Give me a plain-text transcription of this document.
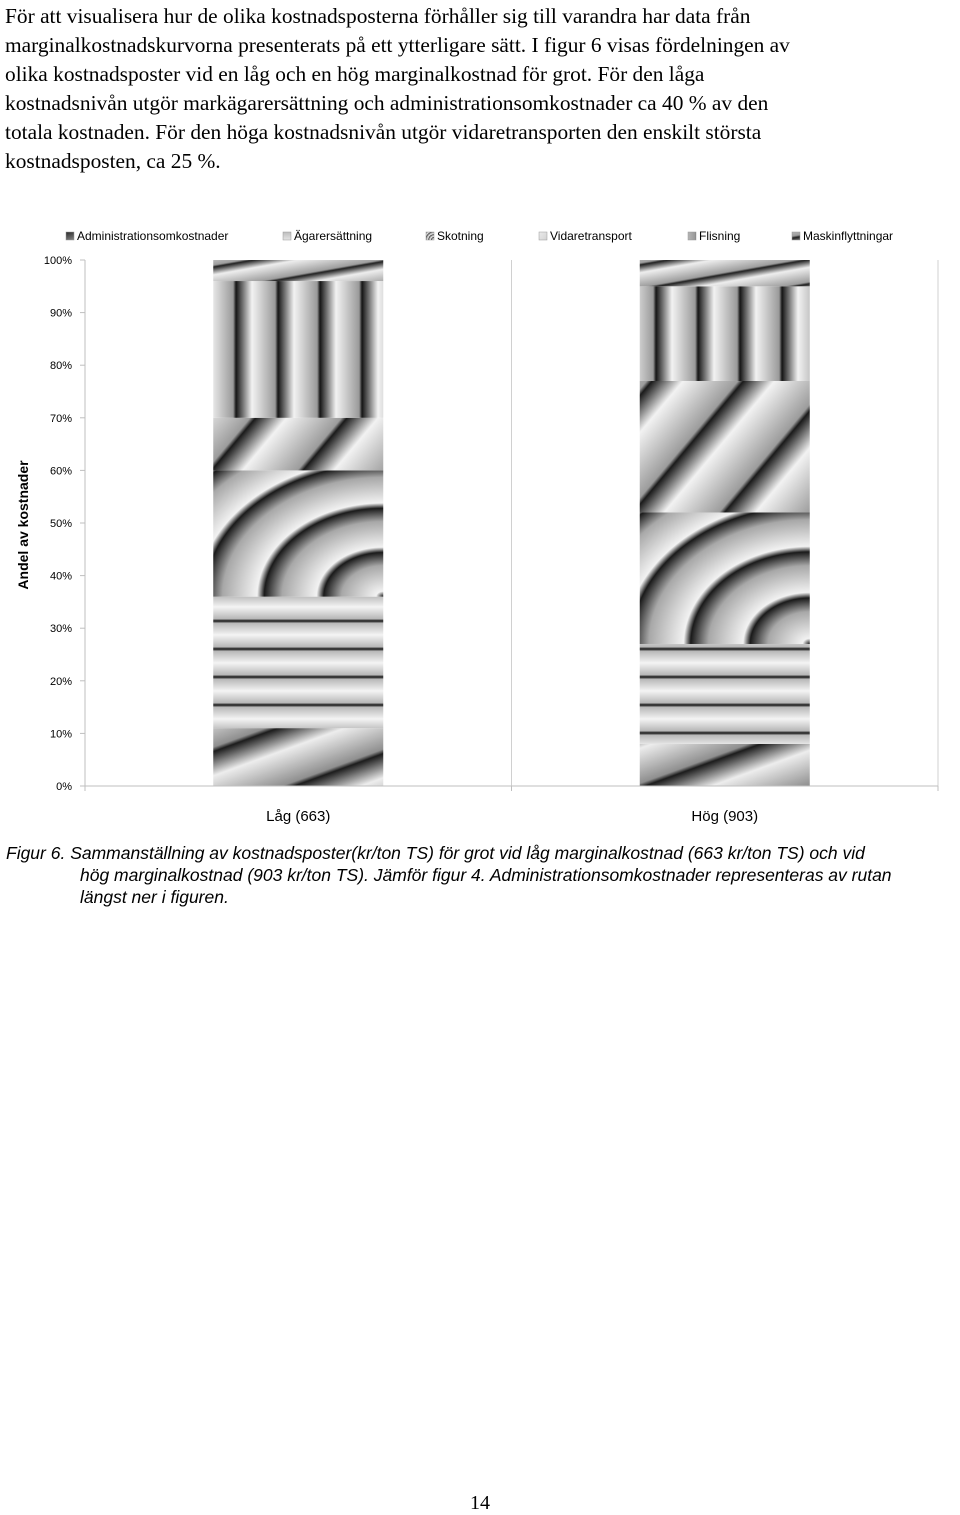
För att visualisera hur de olika kostnadsposterna förhåller sig till varandra har data från
marginalkostnadskurvorna presenterats på ett ytterligare sätt. I figur 6 visas fördelningen av
olika kostnadsposter vid en låg och en hög marginalkostnad för grot. För den låga
kostnadsnivån utgör markägarersättning och administrationsomkostnader ca 40 % av den
totala kostnaden. För den höga kostnadsnivån utgör vidaretransporten den enskilt största
kostnadsposten, ca 25 %.
Administrationsomkostnader	Ägarersättning	Skotning	Vidaretransport	Flisning	Maskinflyttningar
0%
10%
20%
30%
40%
50%
60%
70%
80%
90%
100%
Andel av kostnader
Låg (663)	Hög (903)
Figur 6. Sammanställning av kostnadsposter(kr/ton TS) för grot vid låg marginalkostnad (663 kr/ton TS) och vid
hög marginalkostnad (903 kr/ton TS). Jämför figur 4. Administrationsomkostnader representeras av rutan
längst ner i figuren.
14
